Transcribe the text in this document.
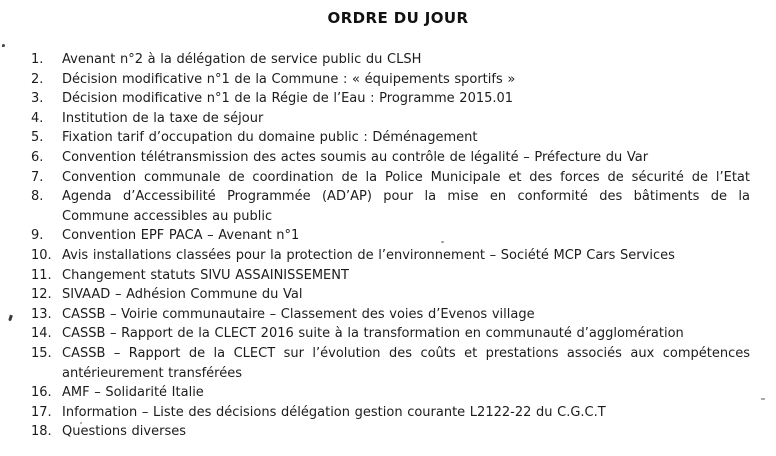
ORDRE DU JOUR
1.	Avenant n°2 à la délégation de service public du CLSH
2.	Décision modificative n°1 de la Commune : « équipements sportifs »
3.	Décision modificative n°1 de la Régie de l’Eau : Programme 2015.01
4.	Institution de la taxe de séjour
5.	Fixation tarif d’occupation du domaine public : Déménagement
6.	Convention télétransmission des actes soumis au contrôle de légalité – Préfecture du Var
7.	Convention communale de coordination de la Police Municipale et des forces de sécurité de l’Etat
8.	Agenda d’Accessibilité Programmée (AD’AP) pour la mise en conformité des bâtiments de la
Commune accessibles au public
9.	Convention EPF PACA – Avenant n°1
10. Avis installations classées pour la protection de l’environnement – Société MCP Cars Services
11. Changement statuts SIVU ASSAINISSEMENT
12. SIVAAD – Adhésion Commune du Val
13. CASSB – Voirie communautaire – Classement des voies d’Evenos village
14. CASSB – Rapport de la CLECT 2016 suite à la transformation en communauté d’agglomération
15. CASSB – Rapport de la CLECT sur l’évolution des coûts et prestations associés aux compétences
antérieurement transférées
16. AMF – Solidarité Italie
17. Information – Liste des décisions délégation gestion courante L2122-22 du C.G.C.T
18. Questions diverses
